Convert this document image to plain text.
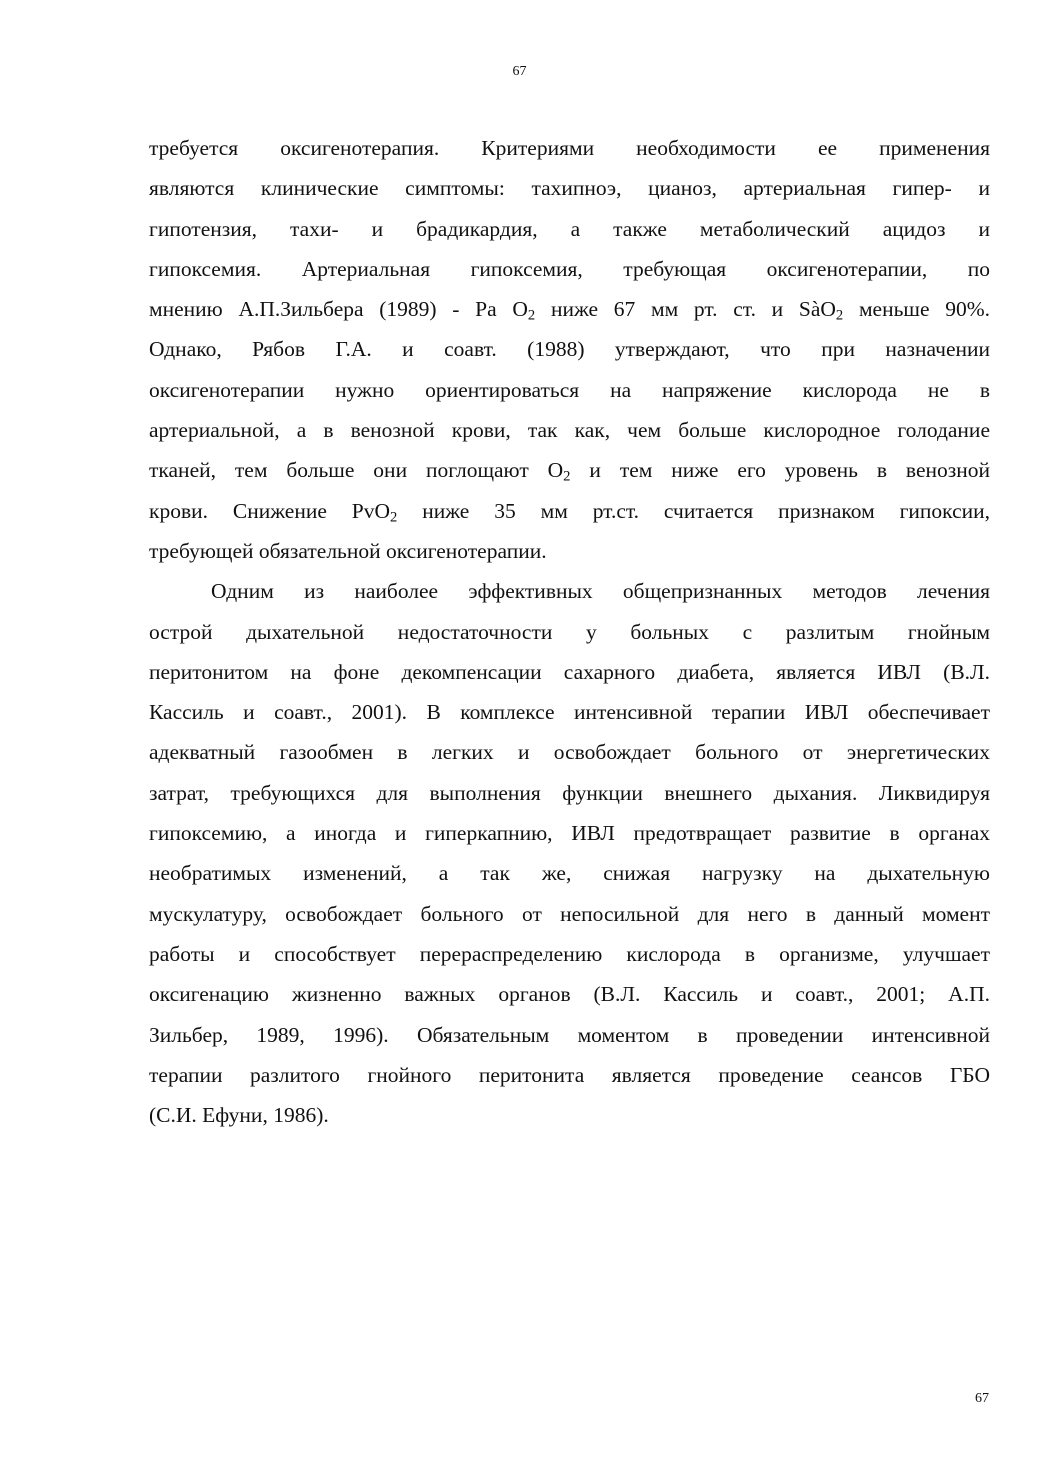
67
требуется оксигенотерапия. Критериями необходимости ее применения
являются клинические симптомы: тахипноэ, цианоз, артериальная гипер- и
гипотензия, тахи- и брадикардия, а также метаболический ацидоз и
гипоксемия. Артериальная гипоксемия, требующая оксигенотерапии, по
мнению А.П.Зильбера (1989) - Ра $О_2$ ниже 67 мм рт. ст. и SàO$_2$ меньше 90%.
Однако, Рябов Г.А. и соавт. (1988) утверждают, что при назначении
оксигенотерапии нужно ориентироваться на напряжение кислорода не в
артериальной, а в венозной крови, так как, чем больше кислородное голодание
тканей, тем больше они поглощают $О_2$ и тем ниже его уровень в венозной
крови. Снижение PvO$_2$ ниже 35 мм рт.ст. считается признаком гипоксии,
требующей обязательной оксигенотерапии.
Одним из наиболее эффективных общепризнанных методов лечения
острой дыхательной недостаточности у больных с разлитым гнойным
перитонитом на фоне декомпенсации сахарного диабета, является ИВЛ (В.Л.
Кассиль и соавт., 2001). В комплексе интенсивной терапии ИВЛ обеспечивает
адекватный газообмен в легких и освобождает больного от энергетических
затрат, требующихся для выполнения функции внешнего дыхания. Ликвидируя
гипоксемию, а иногда и гиперкапнию, ИВЛ предотвращает развитие в органах
необратимых изменений, а так же, снижая нагрузку на дыхательную
мускулатуру, освобождает больного от непосильной для него в данный момент
работы и способствует перераспределению кислорода в организме, улучшает
оксигенацию жизненно важных органов (В.Л. Кассиль и соавт., 2001; А.П.
Зильбер, 1989, 1996). Обязательным моментом в проведении интенсивной
терапии разлитого гнойного перитонита является проведение сеансов ГБО
(С.И. Ефуни, 1986).
67
